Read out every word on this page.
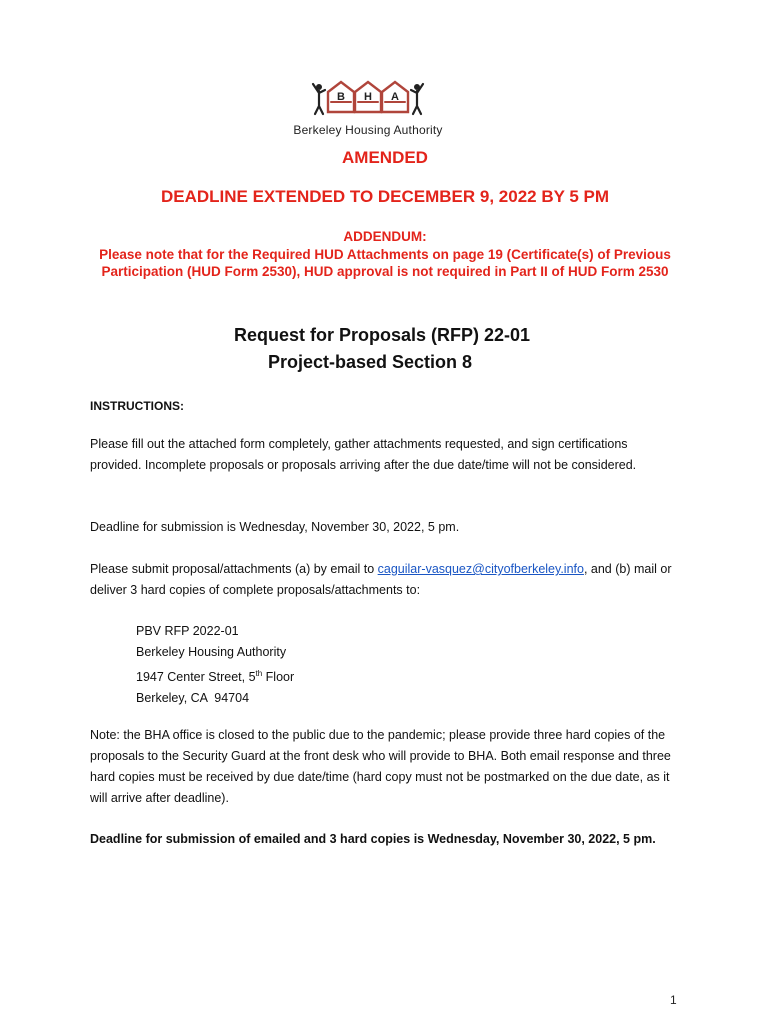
B H A
Berkeley Housing Authority
AMENDED
DEADLINE EXTENDED TO DECEMBER 9, 2022 BY 5 PM
ADDENDUM:
Please note that for the Required HUD Attachments on page 19 (Certificate(s) of Previous Participation (HUD Form 2530), HUD approval is not required in Part II of HUD Form 2530
Request for Proposals (RFP) 22-01
Project-based Section 8
INSTRUCTIONS:
Please fill out the attached form completely, gather attachments requested, and sign certifications provided. Incomplete proposals or proposals arriving after the due date/time will not be considered.
Deadline for submission is Wednesday, November 30, 2022, 5 pm.
Please submit proposal/attachments (a) by email to caguilar-vasquez@cityofberkeley.info, and (b) mail or deliver 3 hard copies of complete proposals/attachments to:
PBV RFP 2022-01
Berkeley Housing Authority
1947 Center Street, 5th Floor
Berkeley, CA  94704
Note: the BHA office is closed to the public due to the pandemic; please provide three hard copies of the proposals to the Security Guard at the front desk who will provide to BHA. Both email response and three hard copies must be received by due date/time (hard copy must not be postmarked on the due date, as it will arrive after deadline).
Deadline for submission of emailed and 3 hard copies is Wednesday, November 30, 2022, 5 pm.
1
